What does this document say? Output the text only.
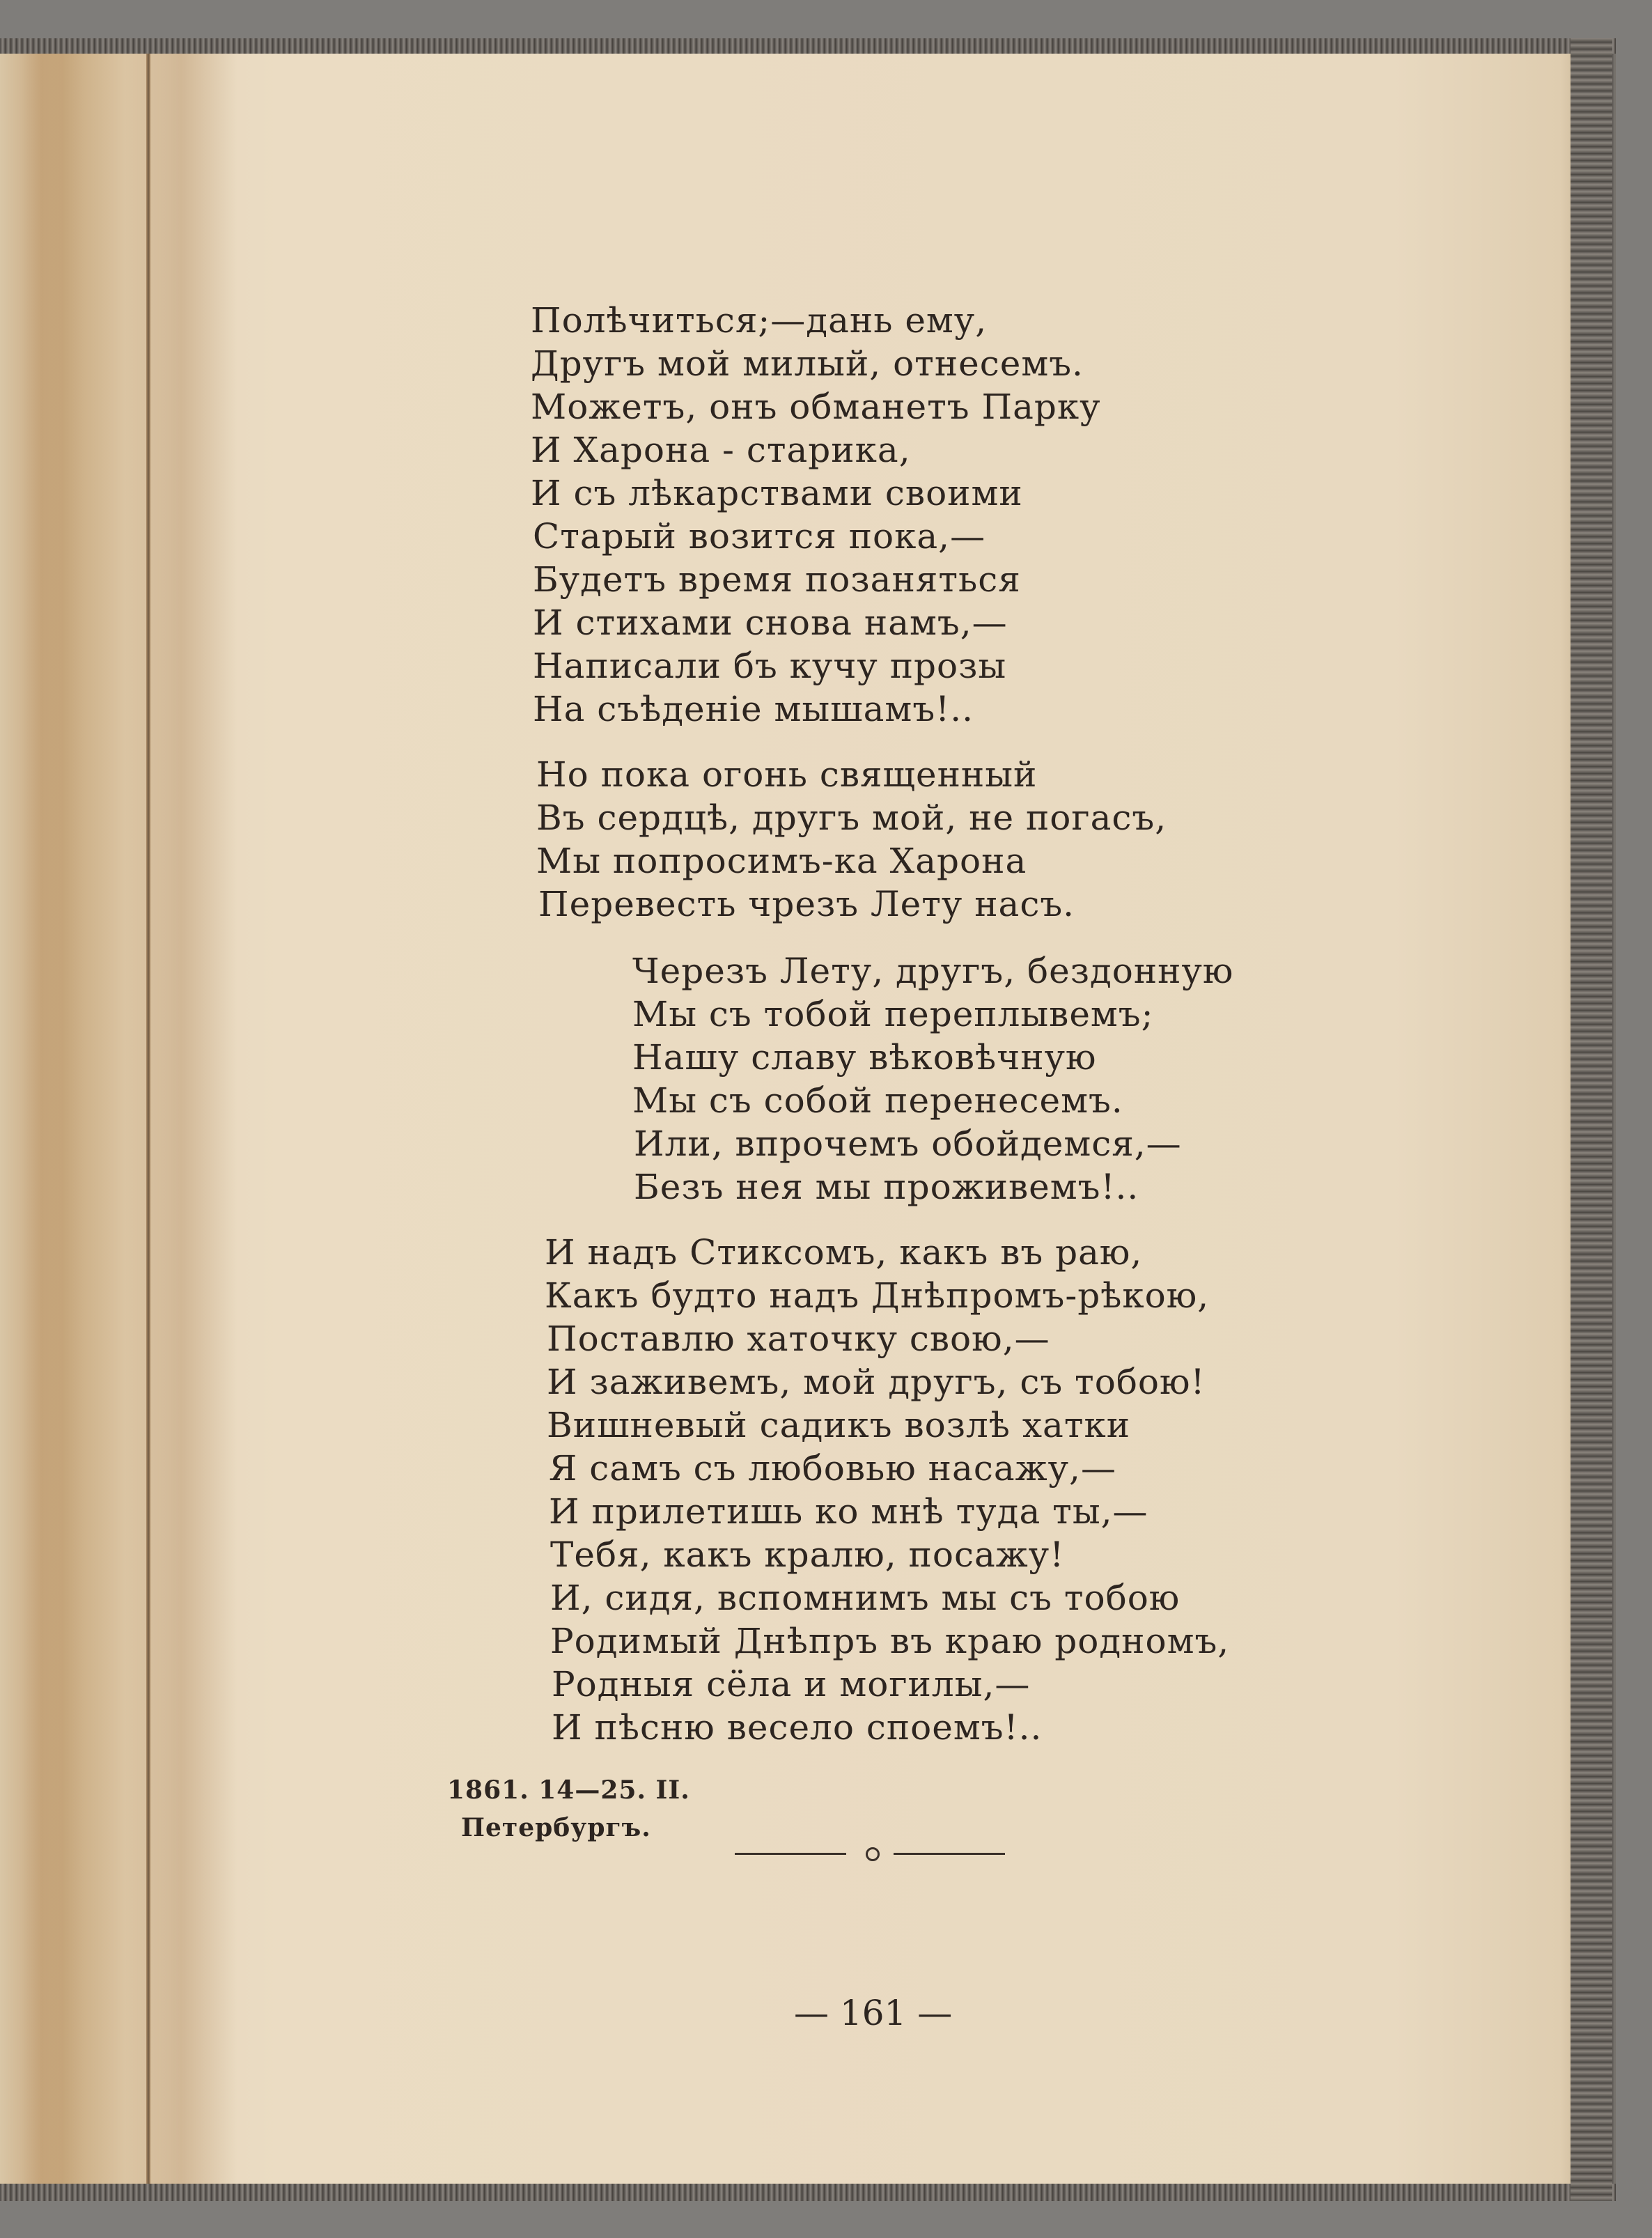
Полѣчиться;—дань ему,
Другъ мой милый, отнесемъ.
Можетъ, онъ обманетъ Парку
И Харона - старика,
И съ лѣкарствами своими
Старый возится пока,—
Будетъ время позаняться
И стихами снова намъ,—
Написали бъ кучу прозы
На съѣденіе мышамъ!..
Но пока огонь священный
Въ сердцѣ, другъ мой, не погасъ,
Мы попросимъ-ка Харона
Перевесть чрезъ Лету насъ.
Черезъ Лету, другъ, бездонную
Мы съ тобой переплывемъ;
Нашу славу вѣковѣчную
Мы съ собой перенесемъ.
Или, впрочемъ обойдемся,—
Безъ нея мы проживемъ!..
И надъ Стиксомъ, какъ въ раю,
Какъ будто надъ Днѣпромъ-рѣкою,
Поставлю хаточку свою,—
И заживемъ, мой другъ, съ тобою!
Вишневый садикъ возлѣ хатки
Я самъ съ любовью насажу,—
И прилетишь ко мнѣ туда ты,—
Тебя, какъ кралю, посажу!
И, сидя, вспомнимъ мы съ тобою
Родимый Днѣпръ въ краю родномъ,
Родныя сёла и могилы,—
И пѣсню весело споемъ!..
1861. 14—25. II.
Петербургъ.
— 161 —
